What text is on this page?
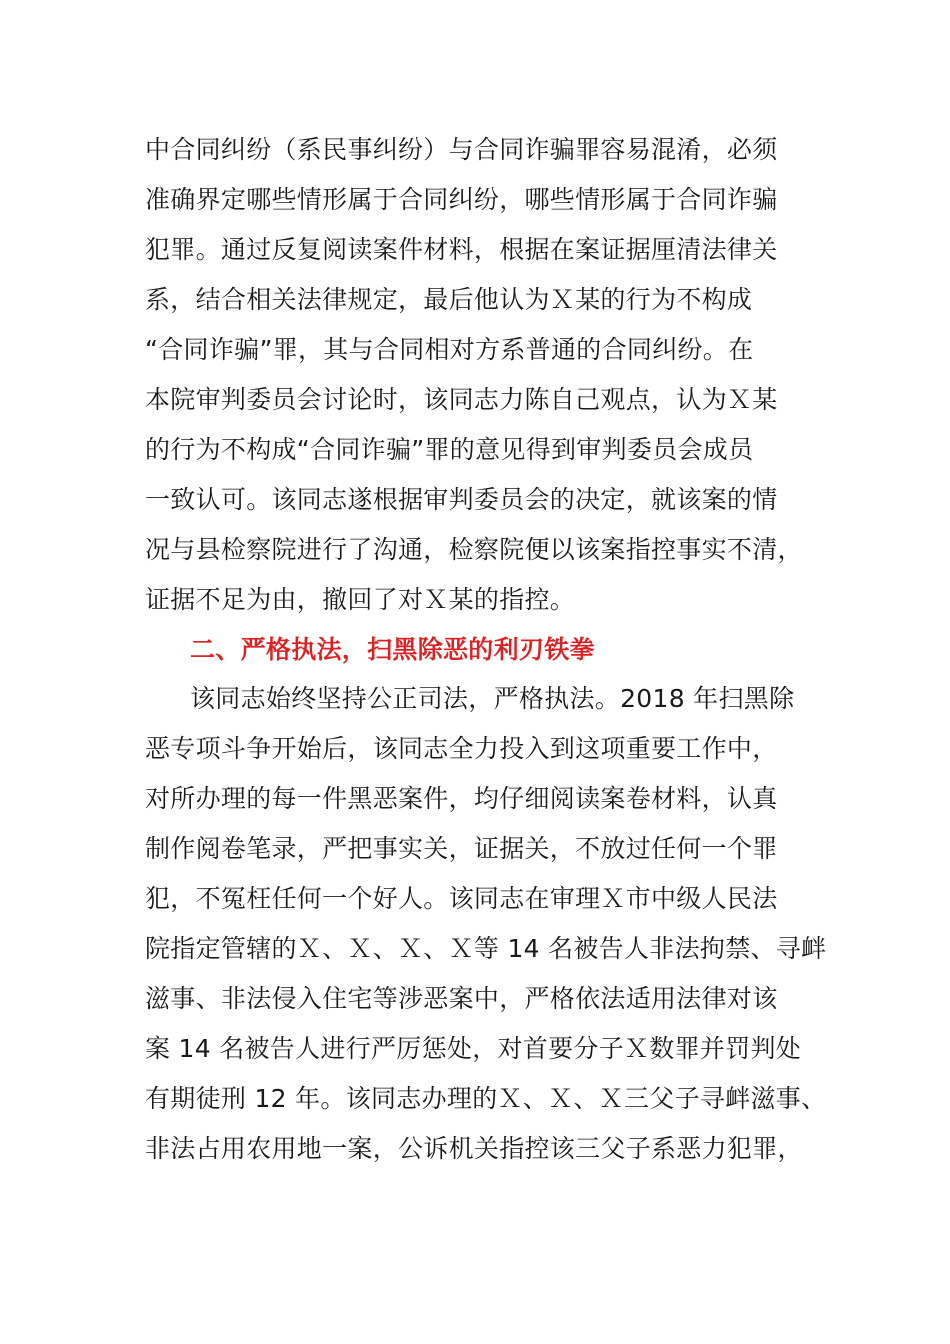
中合同纠纷（系民事纠纷）与合同诈骗罪容易混淆，必须
准确界定哪些情形属于合同纠纷，哪些情形属于合同诈骗
犯罪。通过反复阅读案件材料，根据在案证据厘清法律关
系，结合相关法律规定，最后他认为Ｘ某的行为不构成
“合同诈骗”罪，其与合同相对方系普通的合同纠纷。在
本院审判委员会讨论时，该同志力陈自己观点，认为Ｘ某
的行为不构成“合同诈骗”罪的意见得到审判委员会成员
一致认可。该同志遂根据审判委员会的决定，就该案的情
况与县检察院进行了沟通，检察院便以该案指控事实不清，
证据不足为由，撤回了对Ｘ某的指控。
二、严格执法，扫黑除恶的利刃铁拳
该同志始终坚持公正司法，严格执法。2018 年扫黑除
恶专项斗争开始后，该同志全力投入到这项重要工作中，
对所办理的每一件黑恶案件，均仔细阅读案卷材料，认真
制作阅卷笔录，严把事实关，证据关，不放过任何一个罪
犯，不冤枉任何一个好人。该同志在审理Ｘ市中级人民法
院指定管辖的Ｘ、Ｘ、Ｘ、Ｘ等 14 名被告人非法拘禁、寻衅
滋事、非法侵入住宅等涉恶案中，严格依法适用法律对该
案 14 名被告人进行严厉惩处，对首要分子Ｘ数罪并罚判处
有期徒刑 12 年。该同志办理的Ｘ、Ｘ、Ｘ三父子寻衅滋事、
非法占用农用地一案，公诉机关指控该三父子系恶力犯罪，
